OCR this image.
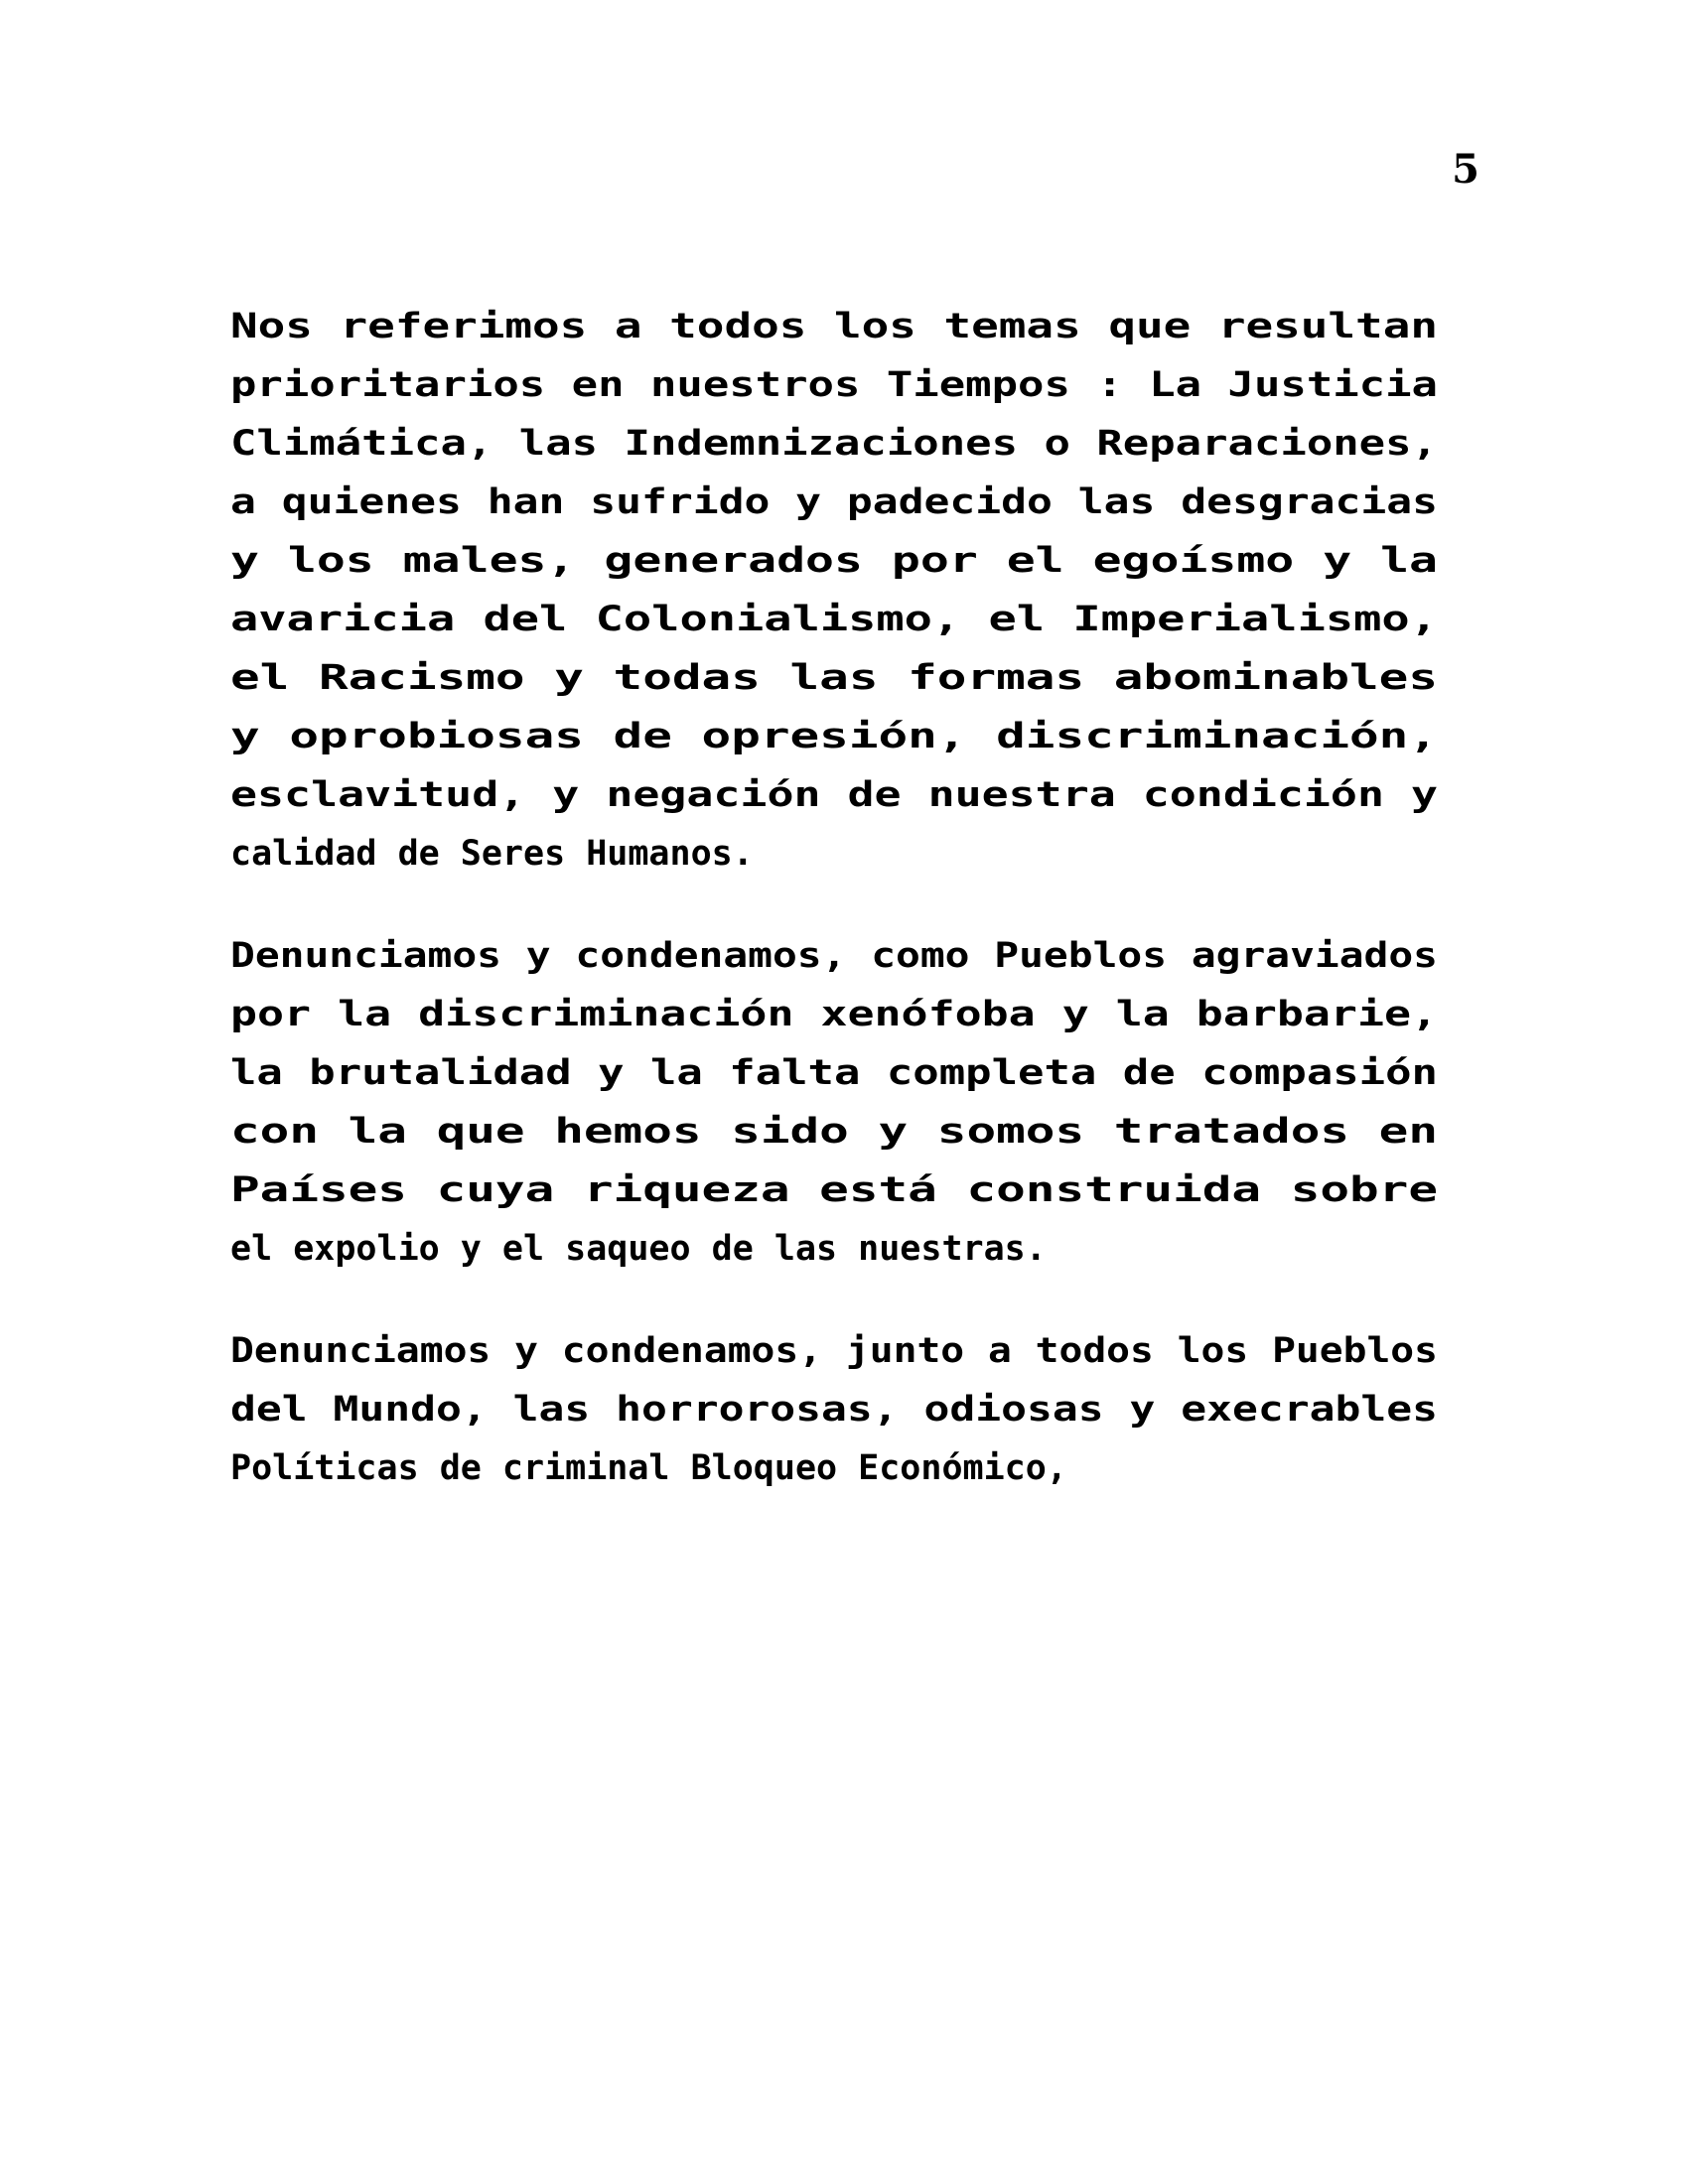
5
Nos referimos a todos los temas que resultan
prioritarios en nuestros Tiempos : La Justicia
Climática, las Indemnizaciones o Reparaciones,
a quienes han sufrido y padecido las desgracias
y los males, generados por el egoísmo y la
avaricia del Colonialismo, el Imperialismo,
el Racismo y todas las formas abominables
y oprobiosas de opresión, discriminación,
esclavitud, y negación de nuestra condición y
calidad de Seres Humanos.
Denunciamos y condenamos, como Pueblos agraviados
por la discriminación xenófoba y la barbarie,
la brutalidad y la falta completa de compasión
con la que hemos sido y somos tratados en
Países cuya riqueza está construida sobre
el expolio y el saqueo de las nuestras.
Denunciamos y condenamos, junto a todos los Pueblos
del Mundo, las horrorosas, odiosas y execrables
Políticas de criminal Bloqueo Económico,
